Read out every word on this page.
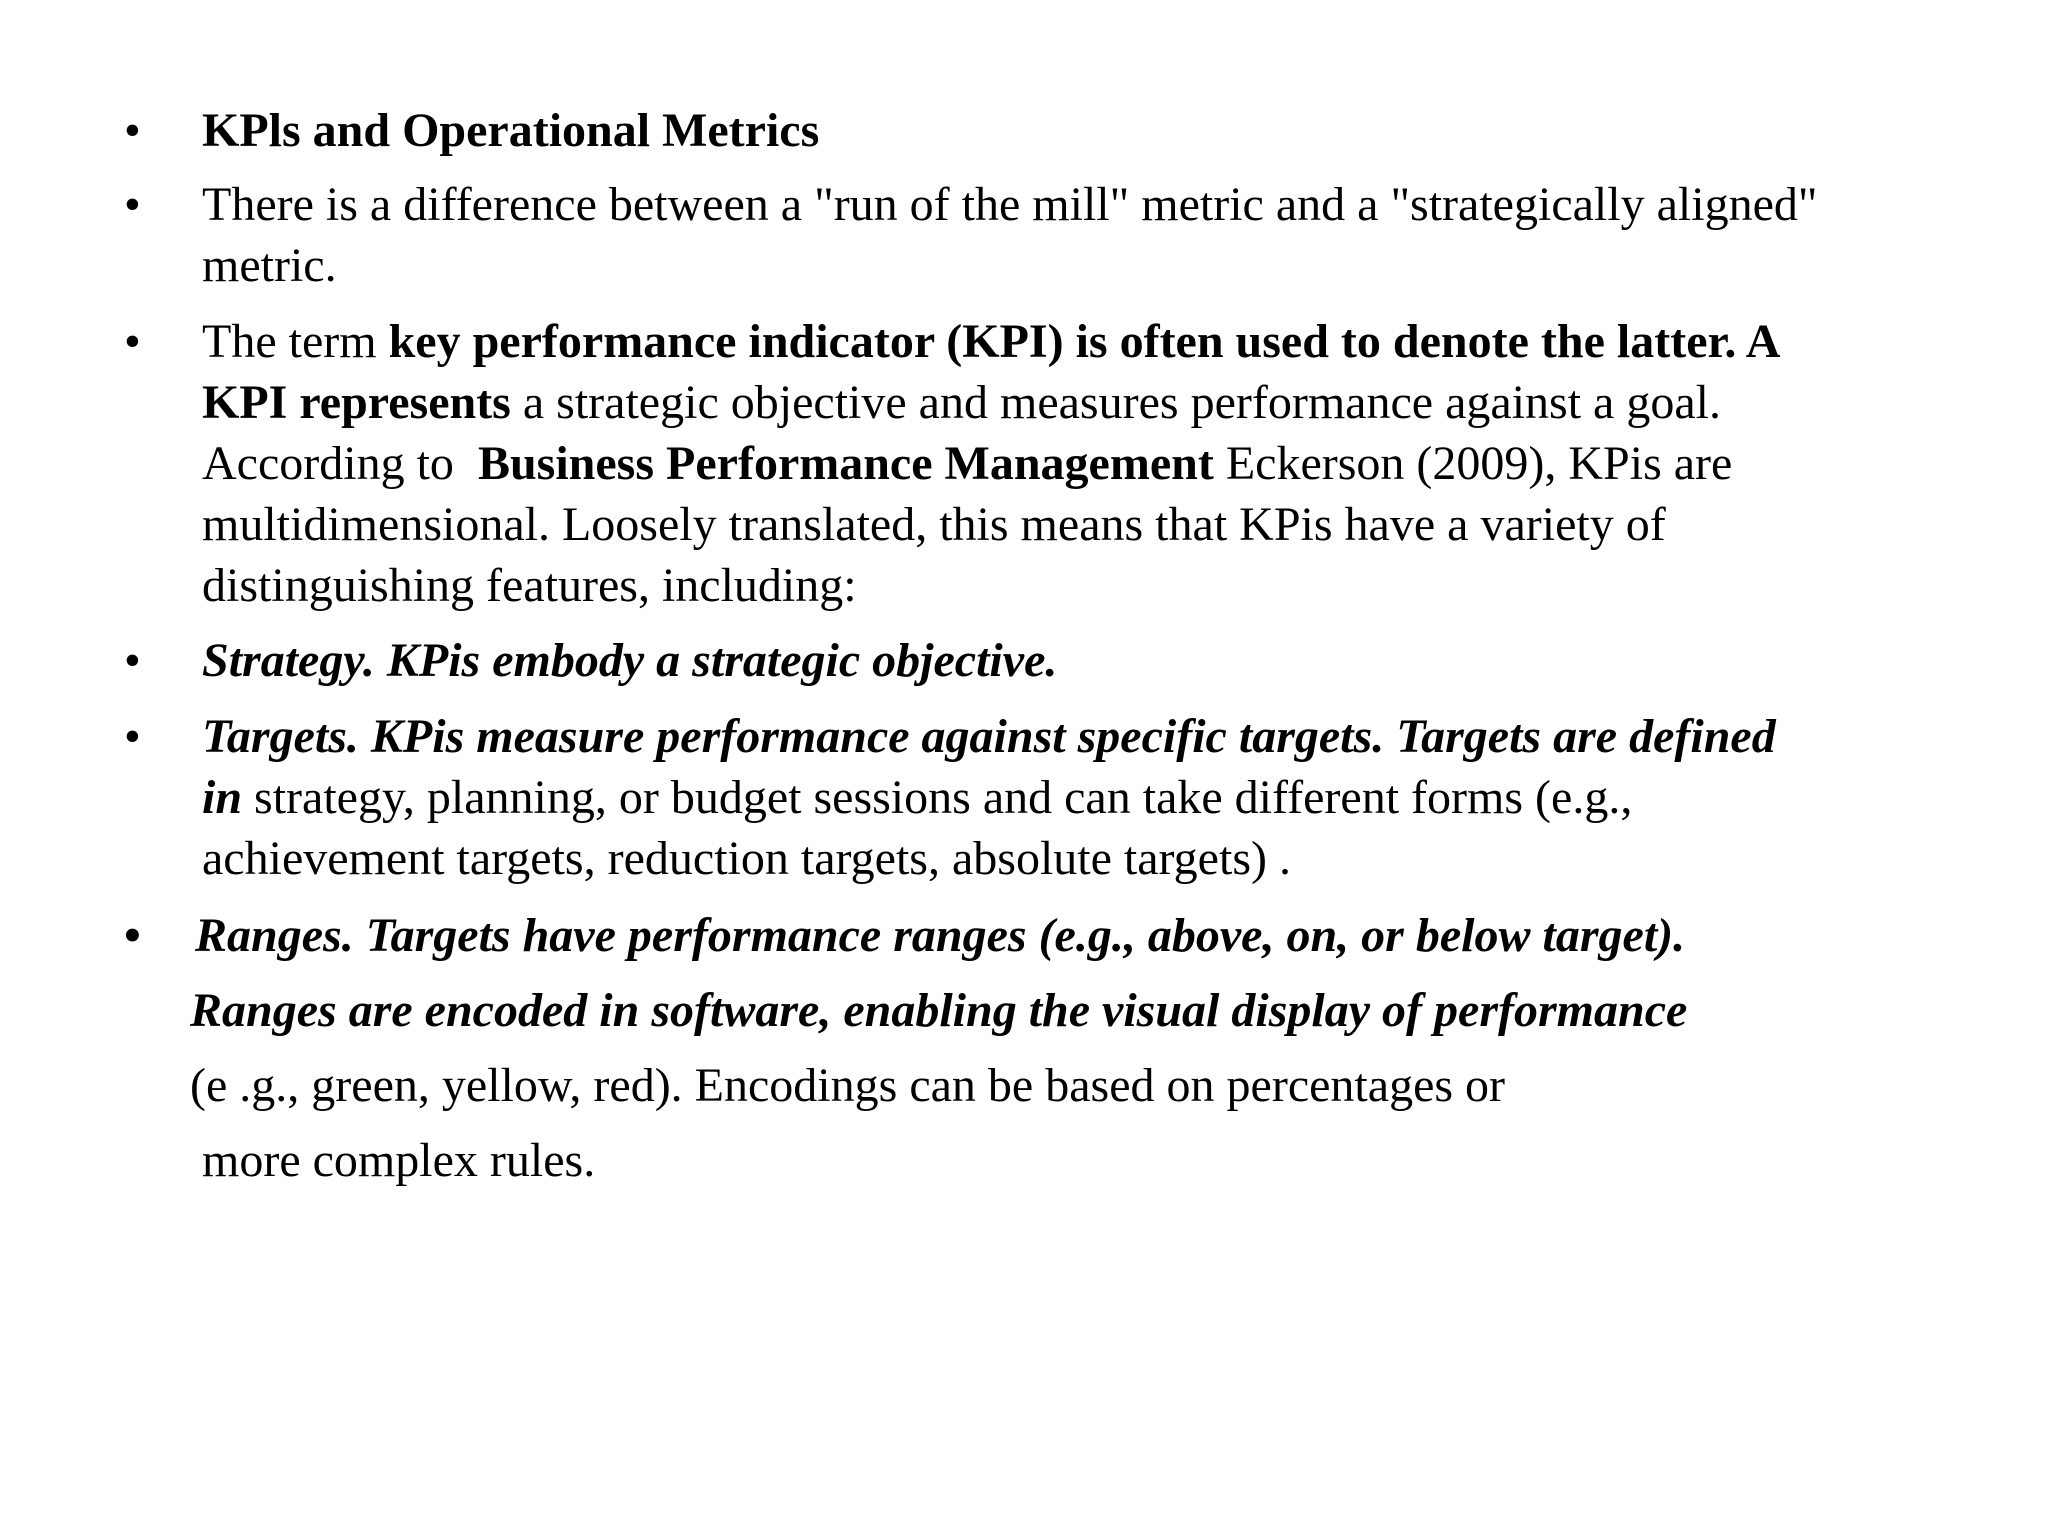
• KPls and Operational Metrics
• There is a difference between a "run of the mill" metric and a "strategically aligned"
metric.
• The term key performance indicator (KPI) is often used to denote the latter. A
KPI represents a strategic objective and measures performance against a goal.
According to  Business Performance Management Eckerson (2009), KPis are
multidimensional. Loosely translated, this means that KPis have a variety of
distinguishing features, including:
• Strategy. KPis embody a strategic objective.
• Targets. KPis measure performance against specific targets. Targets are defined
in strategy, planning, or budget sessions and can take different forms (e.g.,
achievement targets, reduction targets, absolute targets) .
• Ranges. Targets have performance ranges (e.g., above, on, or below target).
Ranges are encoded in software, enabling the visual display of performance
(e .g., green, yellow, red). Encodings can be based on percentages or
more complex rules.
